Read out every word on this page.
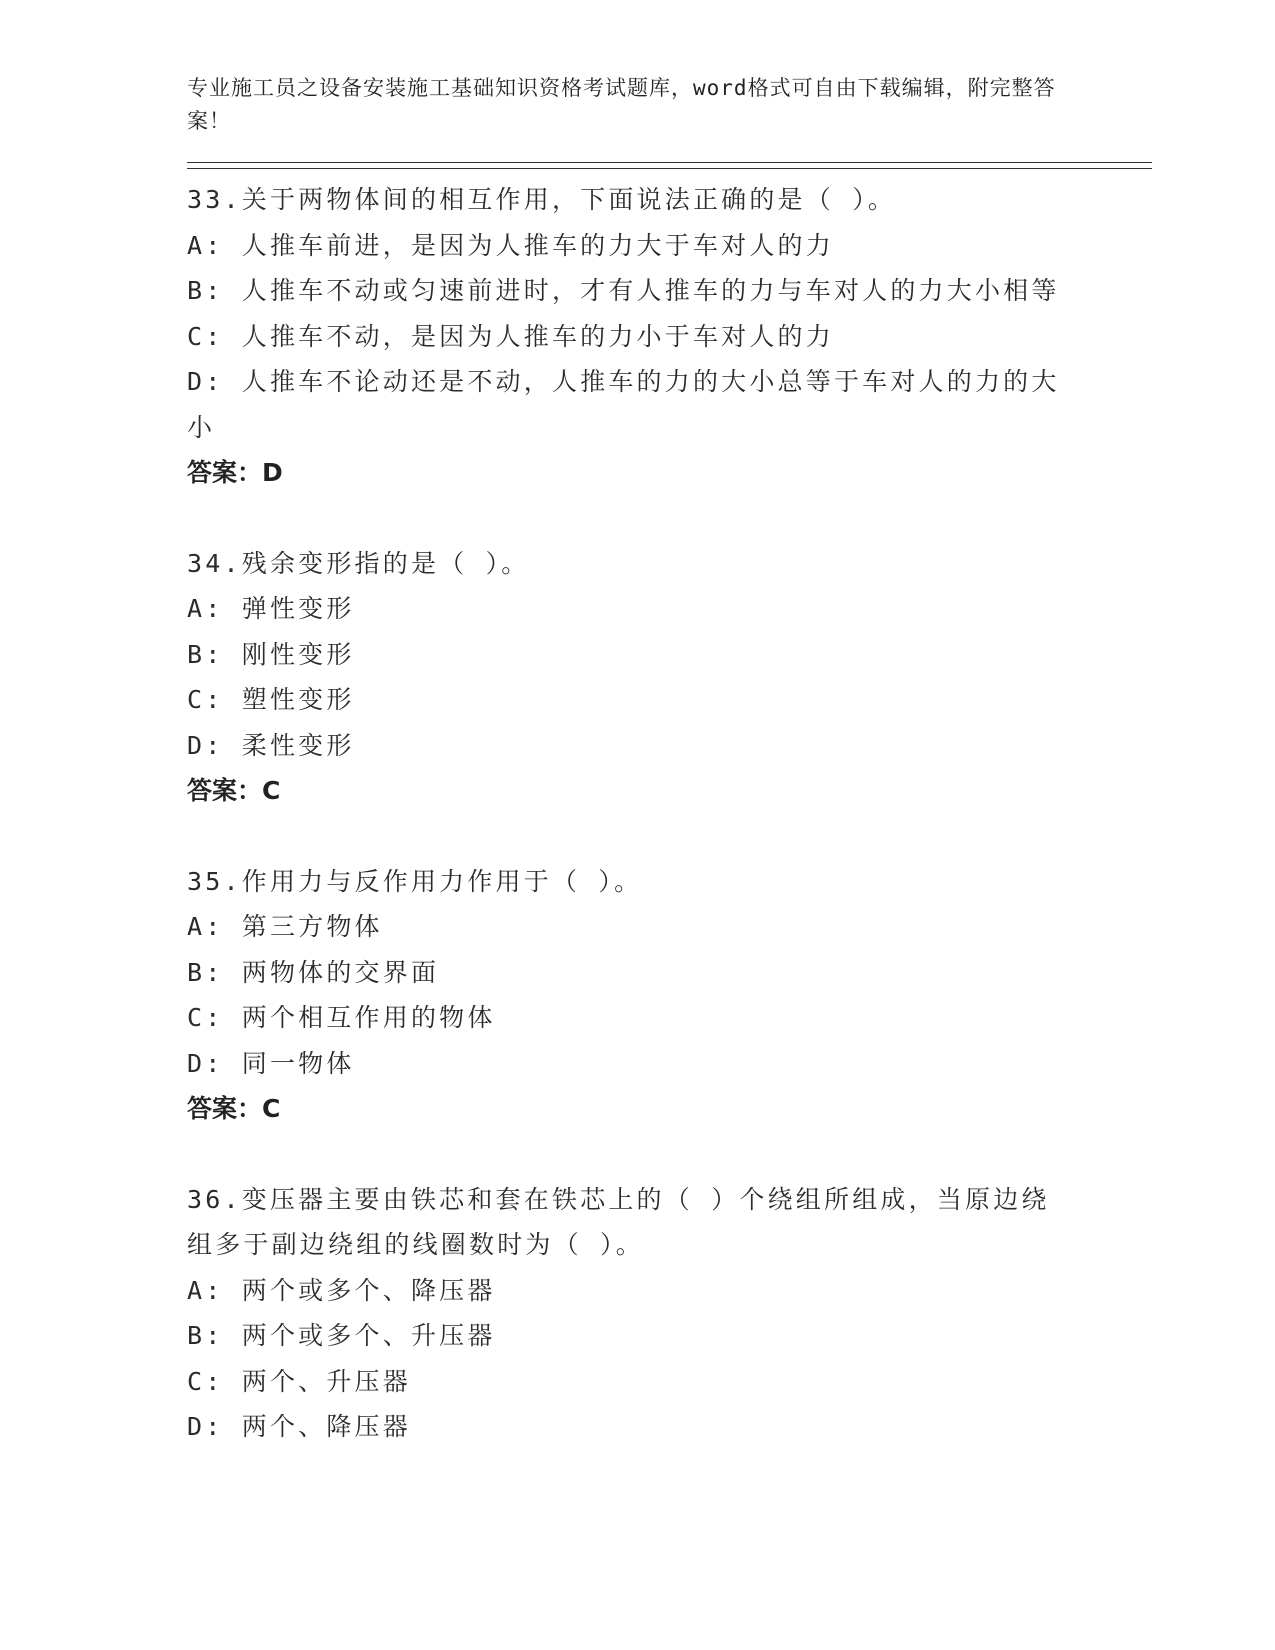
专业施工员之设备安装施工基础知识资格考试题库，word格式可自由下载编辑，附完整答案！

33.关于两物体间的相互作用，下面说法正确的是（ ）。

A: 人推车前进，是因为人推车的力大于车对人的力

B: 人推车不动或匀速前进时，才有人推车的力与车对人的力大小相等

C: 人推车不动，是因为人推车的力小于车对人的力

D: 人推车不论动还是不动，人推车的力的大小总等于车对人的力的大小

答案：D

34.残余变形指的是（ ）。

A: 弹性变形

B: 刚性变形

C: 塑性变形

D: 柔性变形

答案：C

35.作用力与反作用力作用于（ ）。

A: 第三方物体

B: 两物体的交界面

C: 两个相互作用的物体

D: 同一物体

答案：C

36.变压器主要由铁芯和套在铁芯上的（ ）个绕组所组成，当原边绕组多于副边绕组的线圈数时为（ ）。

A: 两个或多个、降压器

B: 两个或多个、升压器

C: 两个、升压器

D: 两个、降压器
